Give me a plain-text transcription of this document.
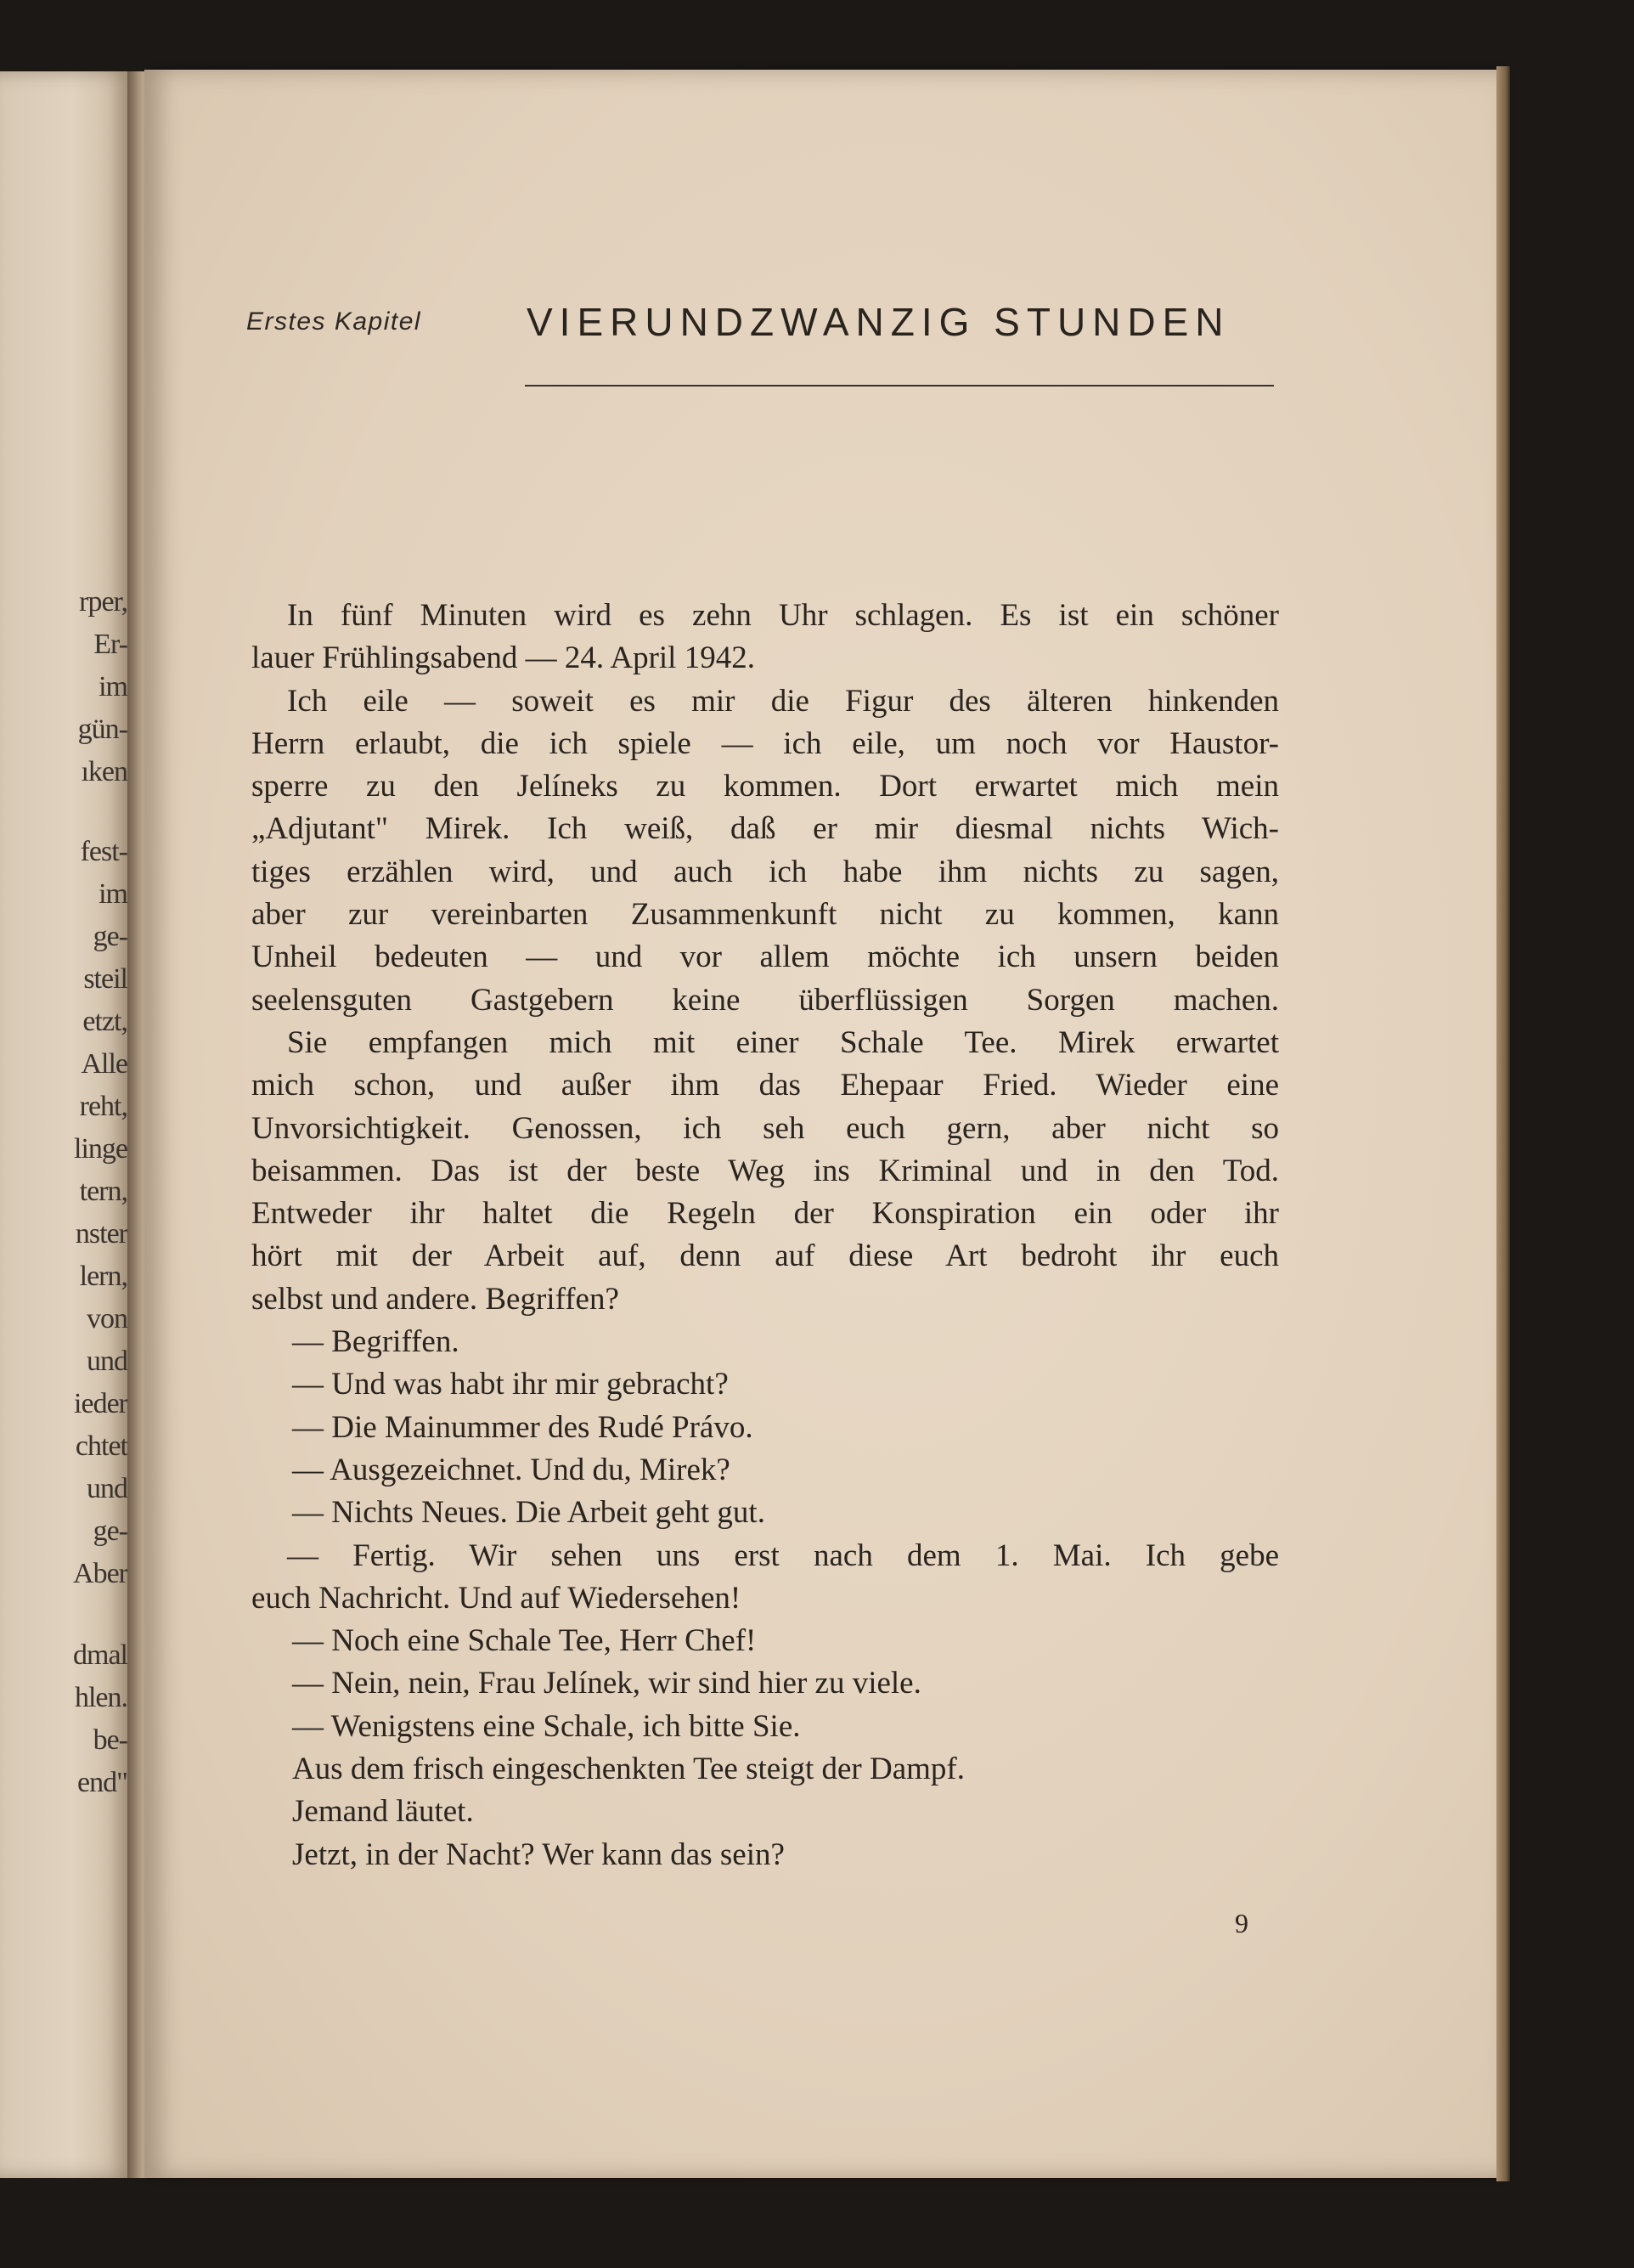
rper,
Er-
im
gün-
ıken
fest-
im
ge-
steil
etzt,
Alle
reht,
linge
tern,
nster
lern,
von
und
ieder
chtet
und
ge-
Aber
dmal
hlen.
be-
end"
Erstes Kapitel	VIERUNDZWANZIG STUNDEN
In fünf Minuten wird es zehn Uhr schlagen. Es ist ein schöner
lauer Frühlingsabend — 24. April 1942.
Ich eile — soweit es mir die Figur des älteren hinkenden
Herrn erlaubt, die ich spiele — ich eile, um noch vor Haustor-
sperre zu den Jelíneks zu kommen. Dort erwartet mich mein
„Adjutant" Mirek. Ich weiß, daß er mir diesmal nichts Wich-
tiges erzählen wird, und auch ich habe ihm nichts zu sagen,
aber zur vereinbarten Zusammenkunft nicht zu kommen, kann
Unheil bedeuten — und vor allem möchte ich unsern beiden
seelensguten Gastgebern keine überflüssigen Sorgen machen.
Sie empfangen mich mit einer Schale Tee. Mirek erwartet
mich schon, und außer ihm das Ehepaar Fried. Wieder eine
Unvorsichtigkeit. Genossen, ich seh euch gern, aber nicht so
beisammen. Das ist der beste Weg ins Kriminal und in den Tod.
Entweder ihr haltet die Regeln der Konspiration ein oder ihr
hört mit der Arbeit auf, denn auf diese Art bedroht ihr euch
selbst und andere. Begriffen?
— Begriffen.
— Und was habt ihr mir gebracht?
— Die Mainummer des Rudé Právo.
— Ausgezeichnet. Und du, Mirek?
— Nichts Neues. Die Arbeit geht gut.
— Fertig. Wir sehen uns erst nach dem 1. Mai. Ich gebe
euch Nachricht. Und auf Wiedersehen!
— Noch eine Schale Tee, Herr Chef!
— Nein, nein, Frau Jelínek, wir sind hier zu viele.
— Wenigstens eine Schale, ich bitte Sie.
Aus dem frisch eingeschenkten Tee steigt der Dampf.
Jemand läutet.
Jetzt, in der Nacht? Wer kann das sein?
9
